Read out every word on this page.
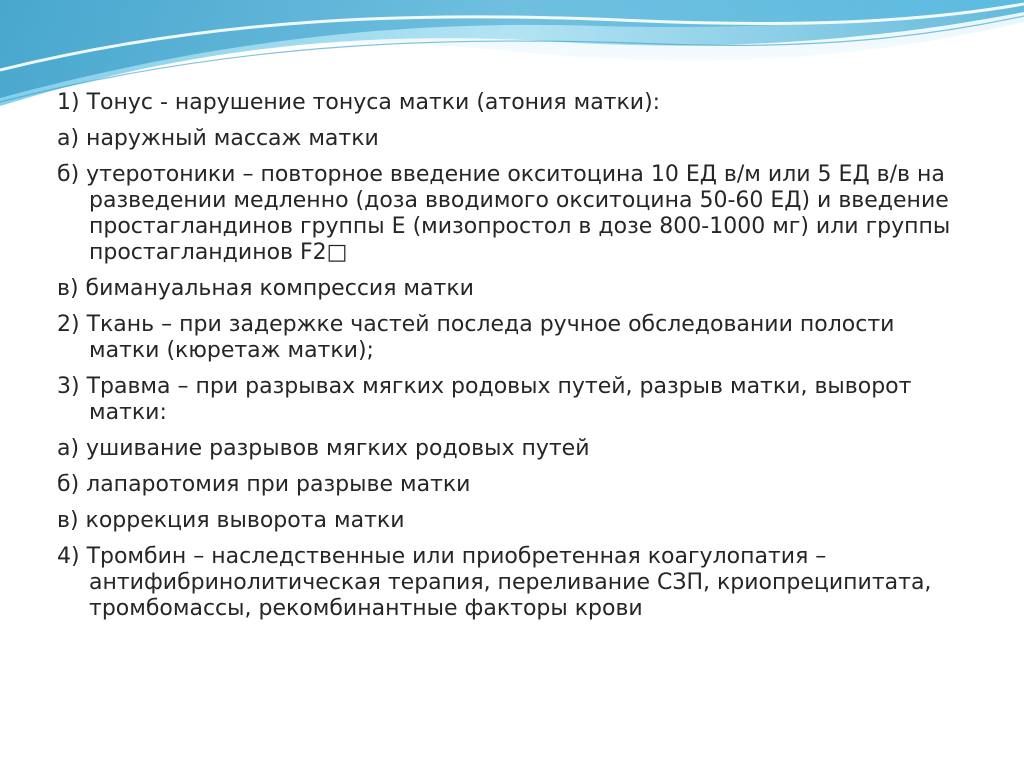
1) Тонус - нарушение тонуса матки (атония матки):

а) наружный массаж матки

б) утеротоники – повторное введение окситоцина 10 ЕД в/м или 5 ЕД в/в на разведении медленно (доза вводимого окситоцина 50-60 ЕД) и введение простагландинов группы Е (мизопростол в дозе 800-1000 мг) или группы простагландинов F2□

в) бимануальная компрессия матки

2) Ткань – при задержке частей последа ручное обследовании полости матки (кюретаж матки);

3) Травма – при разрывах мягких родовых путей, разрыв матки, выворот матки:

а) ушивание разрывов мягких родовых путей

б) лапаротомия при разрыве матки

в) коррекция выворота матки

4) Тромбин – наследственные или приобретенная коагулопатия – антифибринолитическая терапия, переливание СЗП, криопреципитата, тромбомассы, рекомбинантные факторы крови
